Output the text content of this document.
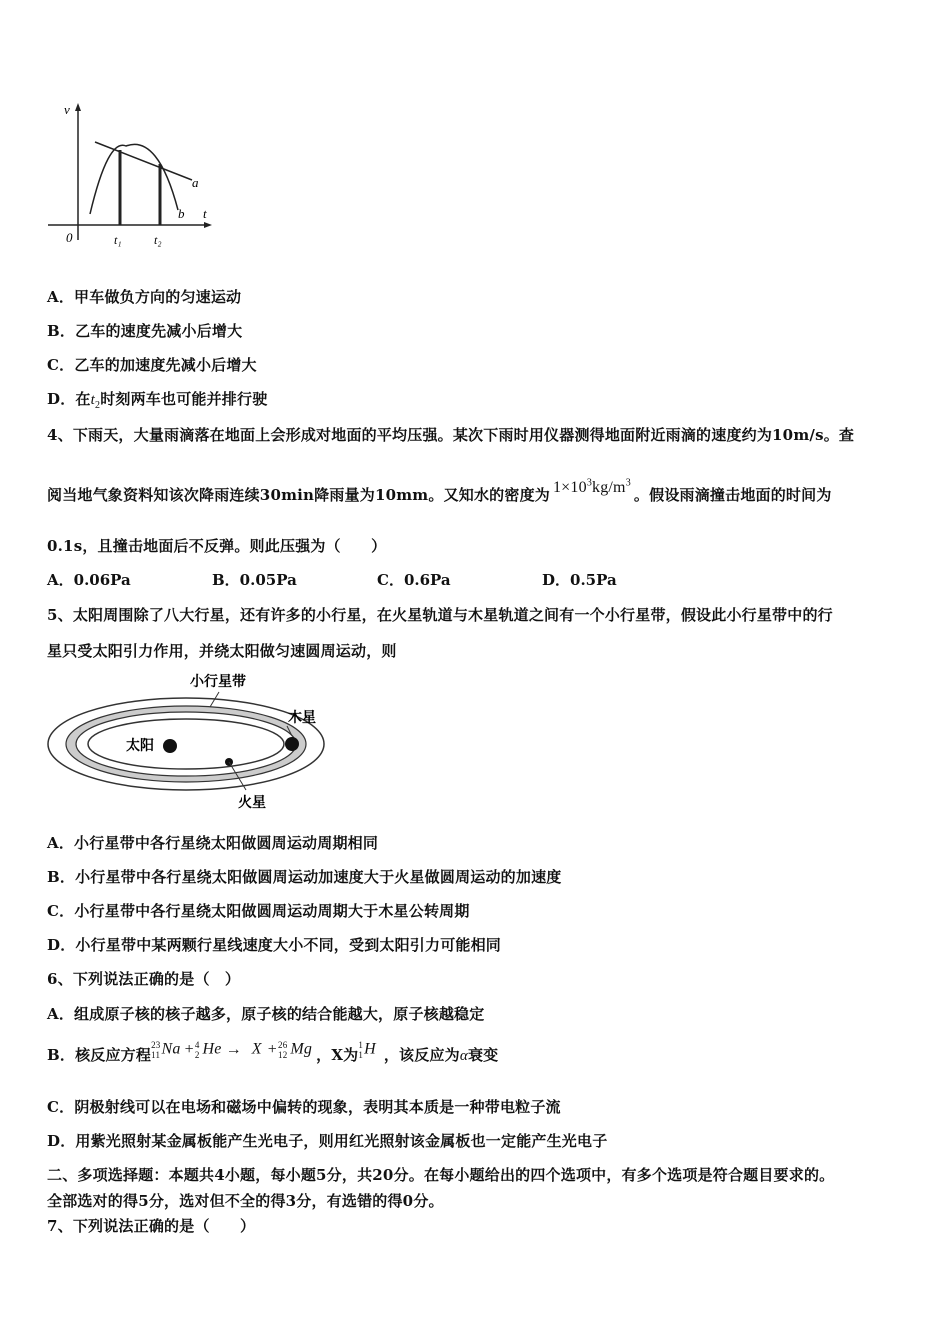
v
t
0	t₁	t₂
a
b
A．甲车做负方向的匀速运动
B．乙车的速度先减小后增大
C．乙车的加速度先减小后增大
D．在$t_2$时刻两车也可能并排行驶
4、下雨天，大量雨滴落在地面上会形成对地面的平均压强。某次下雨时用仪器测得地面附近雨滴的速度约为10m/s。查
阅当地气象资料知该次降雨连续30min降雨量为10mm。又知水的密度为 $1\times 10^3kg/m^3$。假设雨滴撞击地面的时间为
0.1s，且撞击地面后不反弹。则此压强为（　　）
A．0.06Pa	B．0.05Pa	C．0.6Pa	D．0.5Pa
5、太阳周围除了八大行星，还有许多的小行星，在火星轨道与木星轨道之间有一个小行星带，假设此小行星带中的行
星只受太阳引力作用，并绕太阳做匀速圆周运动，则
小行星带
木星
太阳
火星
A．小行星带中各行星绕太阳做圆周运动周期相同
B．小行星带中各行星绕太阳做圆周运动加速度大于火星做圆周运动的加速度
C．小行星带中各行星绕太阳做圆周运动周期大于木星公转周期
D．小行星带中某两颗行星线速度大小不同，受到太阳引力可能相同
6、下列说法正确的是（　）
A．组成原子核的核子越多，原子核的结合能越大，原子核越稳定
B．核反应方程
23
11 Na + 4
2 He → X + 26
12 Mg ，X为
1
1 H ，该反应为α衰变
C．阴极射线可以在电场和磁场中偏转的现象，表明其本质是一种带电粒子流
D．用紫光照射某金属板能产生光电子，则用红光照射该金属板也一定能产生光电子
二、多项选择题：本题共4小题，每小题5分，共20分。在每小题给出的四个选项中，有多个选项是符合题目要求的。
全部选对的得5分，选对但不全的得3分，有选错的得0分。
7、下列说法正确的是（　　）
